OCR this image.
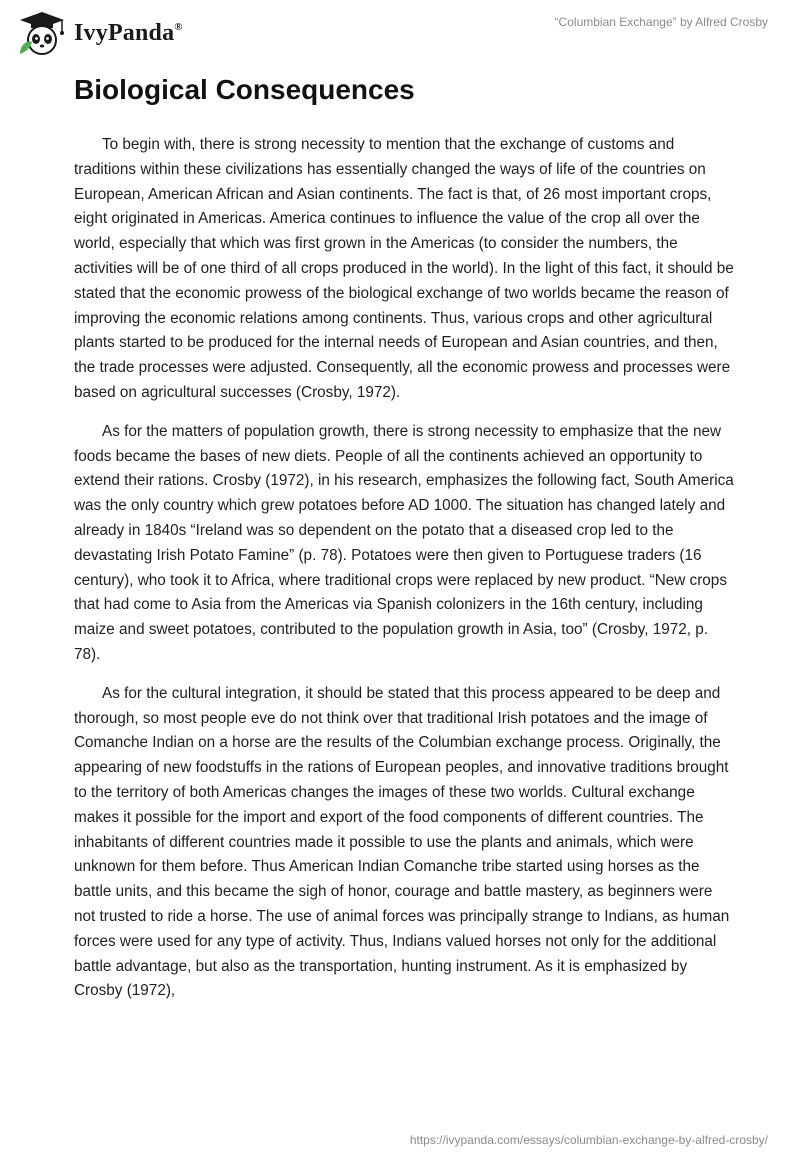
IvyPanda®	“Columbian Exchange” by Alfred Crosby
Biological Consequences

To begin with, there is strong necessity to mention that the exchange of customs and traditions within these civilizations has essentially changed the ways of life of the countries on European, American African and Asian continents. The fact is that, of 26 most important crops, eight originated in Americas. America continues to influence the value of the crop all over the world, especially that which was first grown in the Americas (to consider the numbers, the activities will be of one third of all crops produced in the world). In the light of this fact, it should be stated that the economic prowess of the biological exchange of two worlds became the reason of improving the economic relations among continents. Thus, various crops and other agricultural plants started to be produced for the internal needs of European and Asian countries, and then, the trade processes were adjusted. Consequently, all the economic prowess and processes were based on agricultural successes (Crosby, 1972).

As for the matters of population growth, there is strong necessity to emphasize that the new foods became the bases of new diets. People of all the continents achieved an opportunity to extend their rations. Crosby (1972), in his research, emphasizes the following fact, South America was the only country which grew potatoes before AD 1000. The situation has changed lately and already in 1840s “Ireland was so dependent on the potato that a diseased crop led to the devastating Irish Potato Famine” (p. 78). Potatoes were then given to Portuguese traders (16 century), who took it to Africa, where traditional crops were replaced by new product. “New crops that had come to Asia from the Americas via Spanish colonizers in the 16th century, including maize and sweet potatoes, contributed to the population growth in Asia, too” (Crosby, 1972, p. 78).

As for the cultural integration, it should be stated that this process appeared to be deep and thorough, so most people eve do not think over that traditional Irish potatoes and the image of Comanche Indian on a horse are the results of the Columbian exchange process. Originally, the appearing of new foodstuffs in the rations of European peoples, and innovative traditions brought to the territory of both Americas changes the images of these two worlds. Cultural exchange makes it possible for the import and export of the food components of different countries. The inhabitants of different countries made it possible to use the plants and animals, which were unknown for them before. Thus American Indian Comanche tribe started using horses as the battle units, and this became the sigh of honor, courage and battle mastery, as beginners were not trusted to ride a horse. The use of animal forces was principally strange to Indians, as human forces were used for any type of activity. Thus, Indians valued horses not only for the additional battle advantage, but also as the transportation, hunting instrument. As it is emphasized by Crosby (1972),

https://ivypanda.com/essays/columbian-exchange-by-alfred-crosby/
